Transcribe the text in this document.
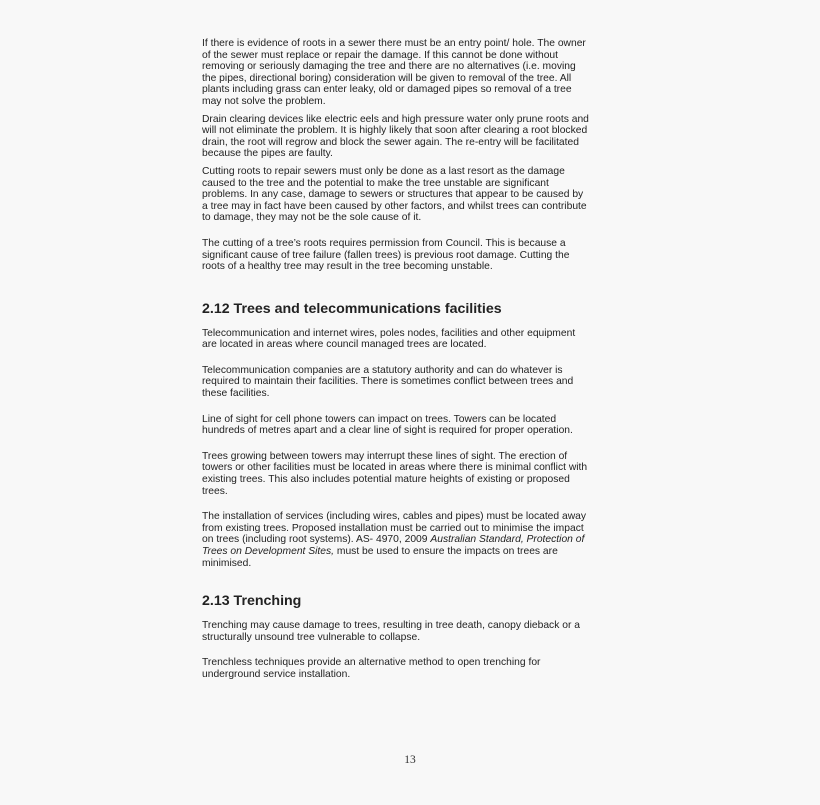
If there is evidence of roots in a sewer there must be an entry point/ hole. The owner
of the sewer must replace or repair the damage. If this cannot be done without
removing or seriously damaging the tree and there are no alternatives (i.e. moving
the pipes, directional boring) consideration will be given to removal of the tree. All
plants including grass can enter leaky, old or damaged pipes so removal of a tree
may not solve the problem.

Drain clearing devices like electric eels and high pressure water only prune roots and
will not eliminate the problem. It is highly likely that soon after clearing a root blocked
drain, the root will regrow and block the sewer again. The re-entry will be facilitated
because the pipes are faulty.

Cutting roots to repair sewers must only be done as a last resort as the damage
caused to the tree and the potential to make the tree unstable are significant
problems. In any case, damage to sewers or structures that appear to be caused by
a tree may in fact have been caused by other factors, and whilst trees can contribute
to damage, they may not be the sole cause of it.

The cutting of a tree’s roots requires permission from Council. This is because a
significant cause of tree failure (fallen trees) is previous root damage. Cutting the
roots of a healthy tree may result in the tree becoming unstable.

2.12 Trees and telecommunications facilities

Telecommunication and internet wires, poles nodes, facilities and other equipment
are located in areas where council managed trees are located.

Telecommunication companies are a statutory authority and can do whatever is
required to maintain their facilities. There is sometimes conflict between trees and
these facilities.

Line of sight for cell phone towers can impact on trees. Towers can be located
hundreds of metres apart and a clear line of sight is required for proper operation.

Trees growing between towers may interrupt these lines of sight. The erection of
towers or other facilities must be located in areas where there is minimal conflict with
existing trees. This also includes potential mature heights of existing or proposed
trees.

The installation of services (including wires, cables and pipes) must be located away
from existing trees. Proposed installation must be carried out to minimise the impact
on trees (including root systems). AS- 4970, 2009 Australian Standard, Protection of
Trees on Development Sites, must be used to ensure the impacts on trees are
minimised.

2.13 Trenching

Trenching may cause damage to trees, resulting in tree death, canopy dieback or a
structurally unsound tree vulnerable to collapse.

Trenchless techniques provide an alternative method to open trenching for
underground service installation.

13
